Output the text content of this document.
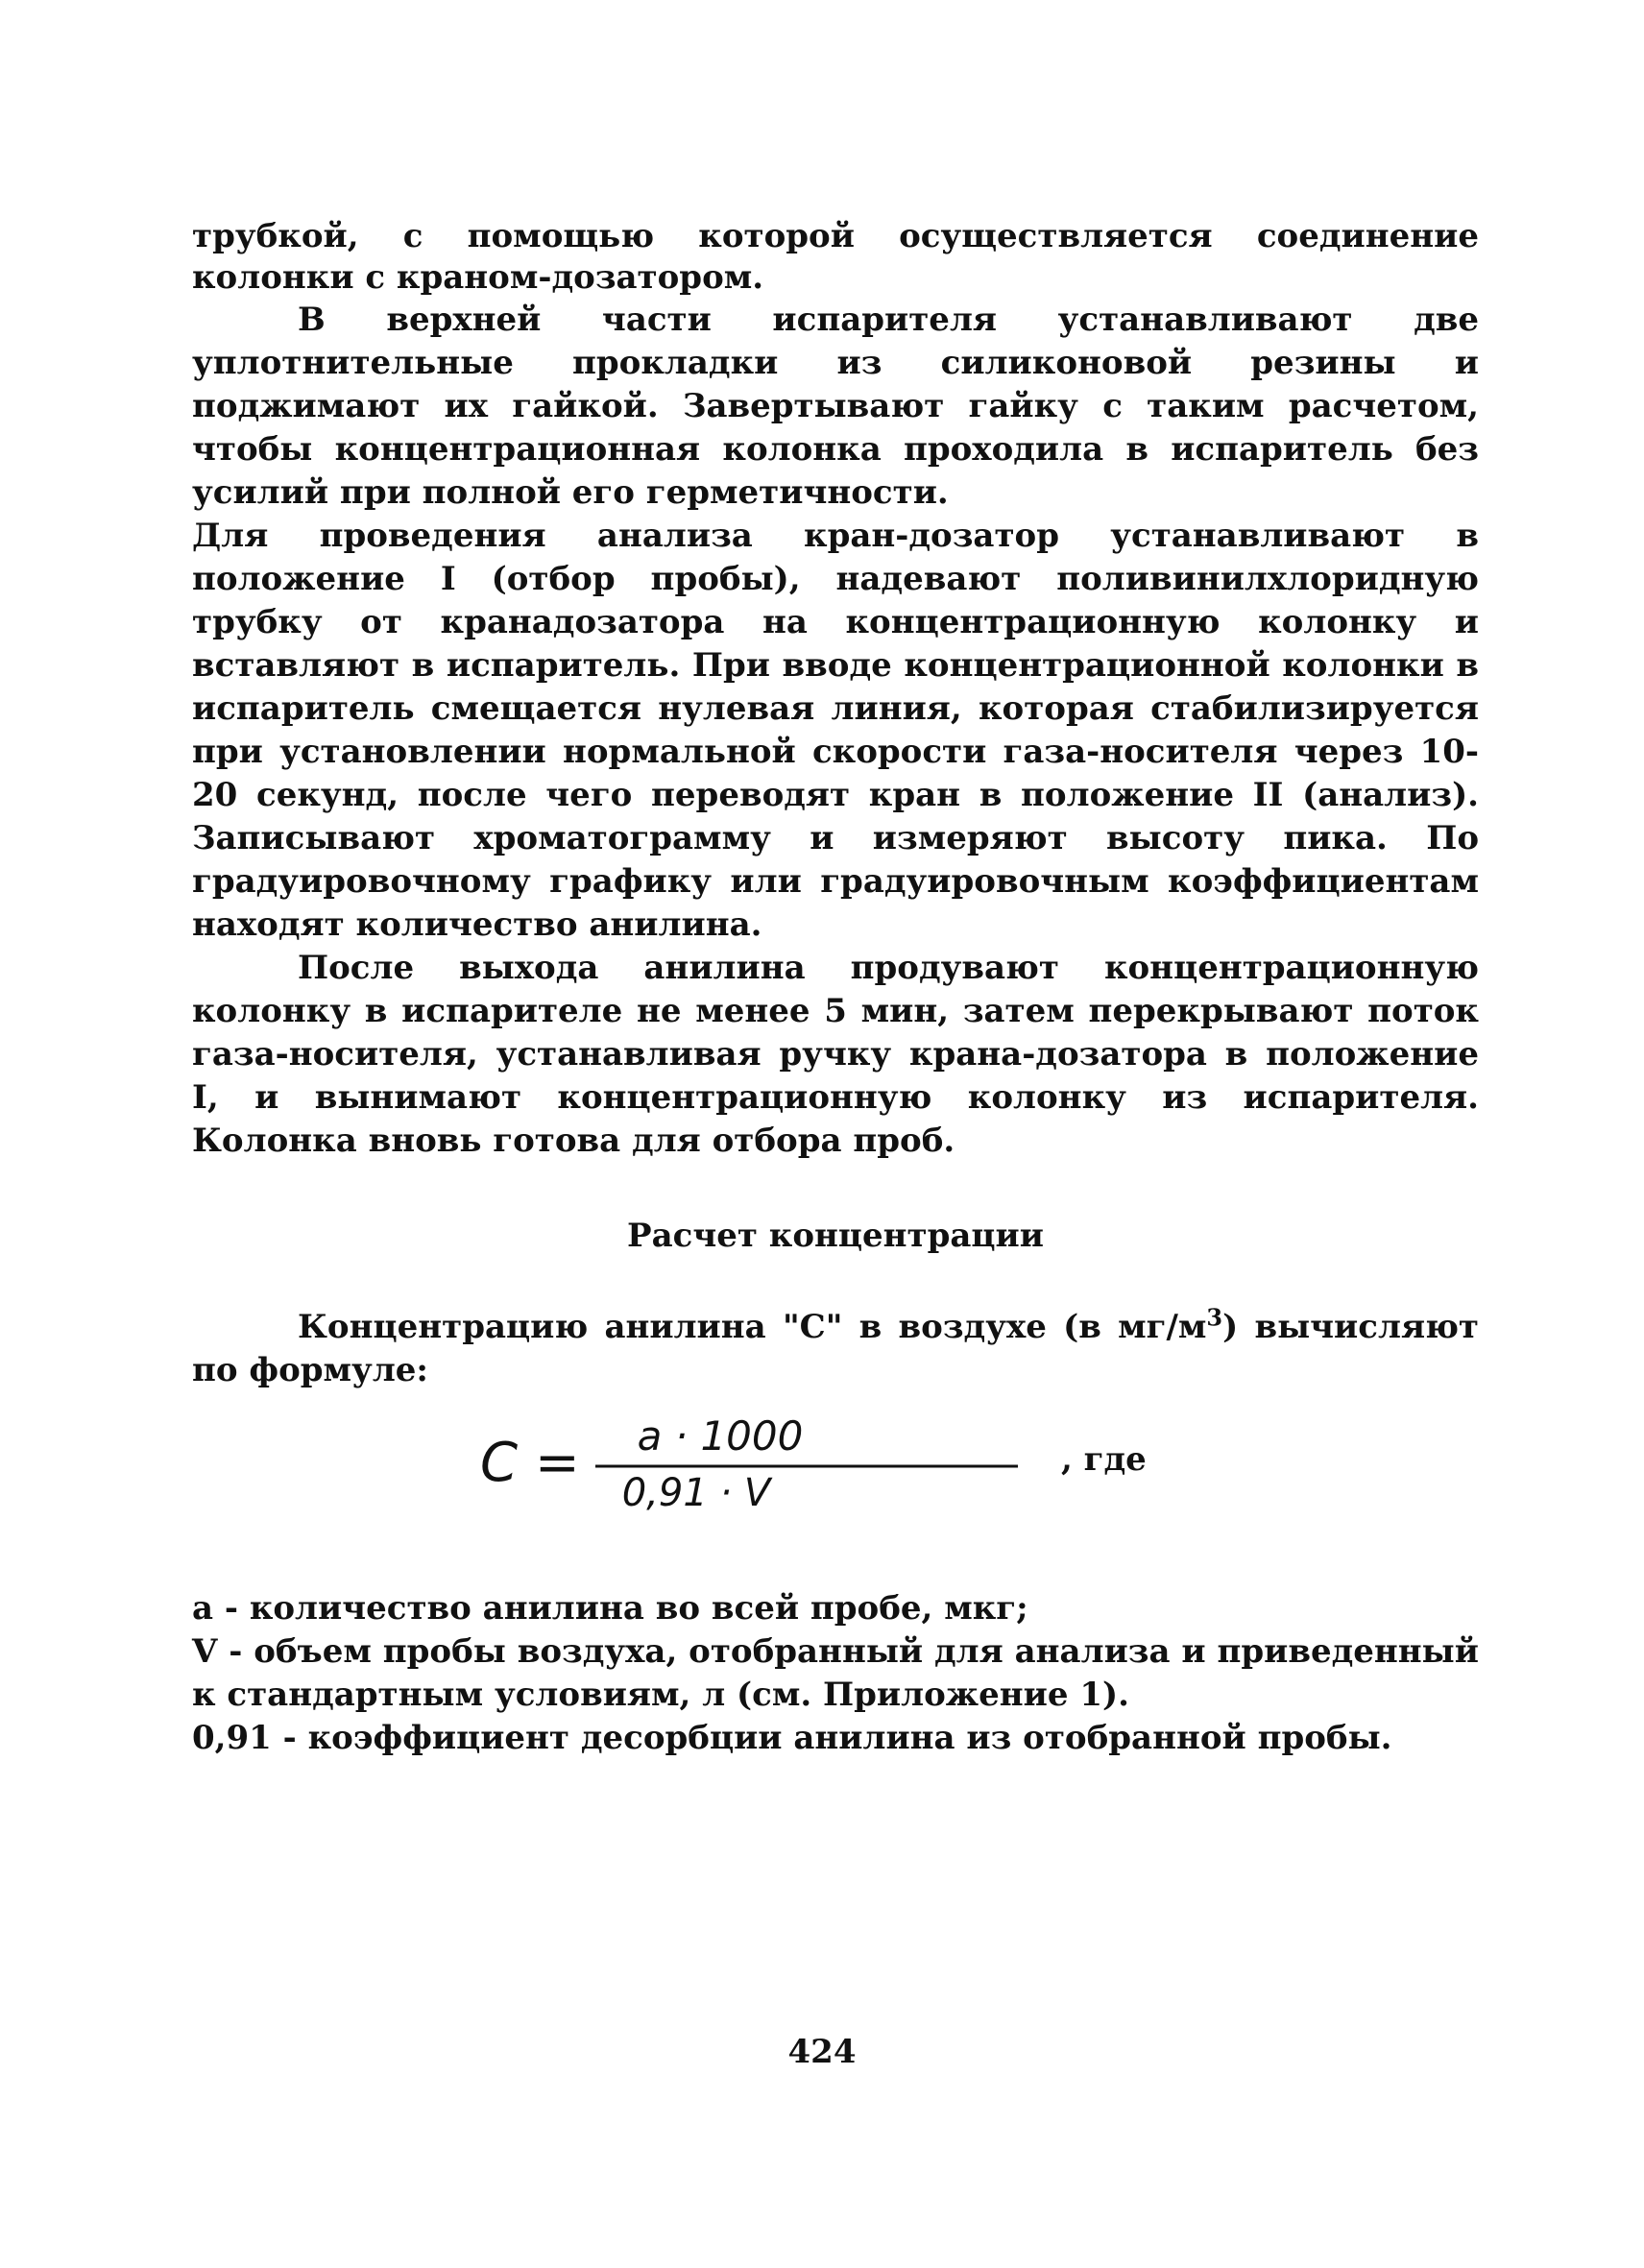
трубкой, с помощью которой осуществляется соединение колонки с краном-дозатором.

В верхней части испарителя устанавливают две уплотнительные прокладки из силиконовой резины и поджимают их гайкой. Завертывают гайку с таким расчетом, чтобы концентрационная колонка проходила в испаритель без усилий при полной его герметичности.

Для проведения анализа кран-дозатор устанавливают в положение I (отбор пробы), надевают поливинилхлоридную трубку от кранадозатора на концентрационную колонку и вставляют в испаритель. При вводе концентрационной колонки в испаритель смещается нулевая линия, которая стабилизируется при установлении нормальной скорости газа-носителя через 10-20 секунд, после чего переводят кран в положение II (анализ). Записывают хроматограмму и измеряют высоту пика. По градуировочному графику или градуировочным коэффициентам находят количество анилина.

После выхода анилина продувают концентрационную колонку в испарителе не менее 5 мин, затем перекрывают поток газа-носителя, устанавливая ручку крана-дозатора в положение I, и вынимают концентрационную колонку из испарителя. Колонка вновь готова для отбора проб.

Расчет концентрации

Концентрацию анилина "С" в воздухе (в $мг/м^3$) вычисляют по формуле:

C = a · 1000
0,91 · V
, где

а - количество анилина во всей пробе, мкг;

V - объем пробы воздуха, отобранный для анализа и приведенный к стандартным условиям, л (см. Приложение 1).

0,91 - коэффициент десорбции анилина из отобранной пробы.

424
